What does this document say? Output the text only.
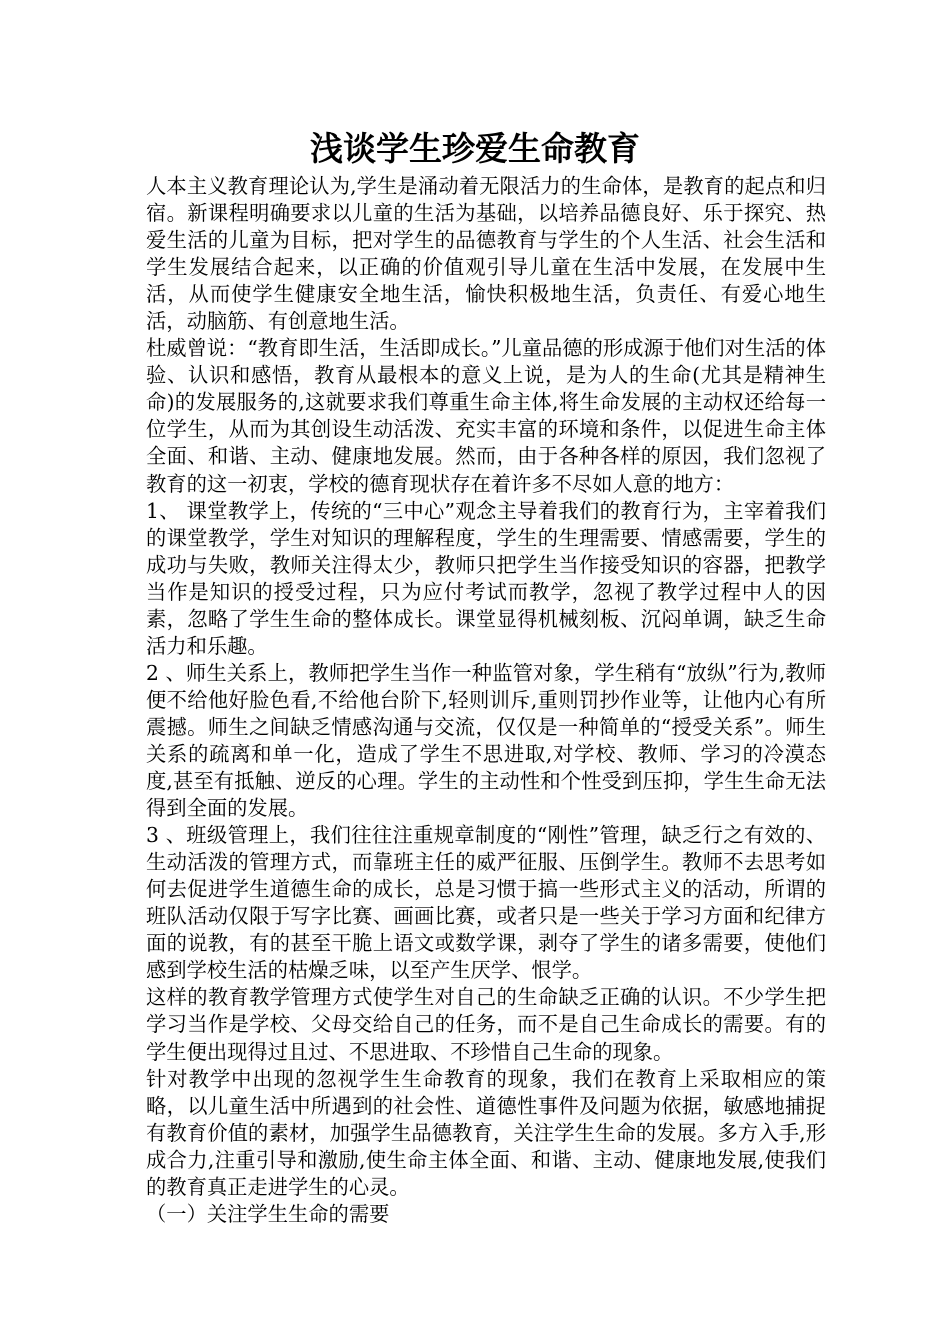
浅谈学生珍爱生命教育

人本主义教育理论认为,学生是涌动着无限活力的生命体，是教育的起点和归宿。新课程明确要求以儿童的生活为基础，以培养品德良好、乐于探究、热爱生活的儿童为目标，把对学生的品德教育与学生的个人生活、社会生活和学生发展结合起来，以正确的价值观引导儿童在生活中发展，在发展中生活，从而使学生健康安全地生活，愉快积极地生活，负责任、有爱心地生活，动脑筋、有创意地生活。

杜威曾说：“教育即生活，生活即成长。”儿童品德的形成源于他们对生活的体验、认识和感悟，教育从最根本的意义上说，是为人的生命(尤其是精神生命)的发展服务的,这就要求我们尊重生命主体,将生命发展的主动权还给每一位学生，从而为其创设生动活泼、充实丰富的环境和条件，以促进生命主体全面、和谐、主动、健康地发展。然而，由于各种各样的原因，我们忽视了教育的这一初衷，学校的德育现状存在着许多不尽如人意的地方：

1、 课堂教学上，传统的“三中心”观念主导着我们的教育行为，主宰着我们的课堂教学，学生对知识的理解程度，学生的生理需要、情感需要，学生的成功与失败，教师关注得太少，教师只把学生当作接受知识的容器，把教学当作是知识的授受过程，只为应付考试而教学，忽视了教学过程中人的因素，忽略了学生生命的整体成长。课堂显得机械刻板、沉闷单调，缺乏生命活力和乐趣。

2 、师生关系上，教师把学生当作一种监管对象，学生稍有“放纵”行为,教师便不给他好脸色看,不给他台阶下,轻则训斥,重则罚抄作业等，让他内心有所震撼。师生之间缺乏情感沟通与交流，仅仅是一种简单的“授受关系”。师生关系的疏离和单一化，造成了学生不思进取,对学校、教师、学习的冷漠态度,甚至有抵触、逆反的心理。学生的主动性和个性受到压抑，学生生命无法得到全面的发展。

3 、班级管理上，我们往往注重规章制度的“刚性”管理，缺乏行之有效的、生动活泼的管理方式，而靠班主任的威严征服、压倒学生。教师不去思考如何去促进学生道德生命的成长，总是习惯于搞一些形式主义的活动，所谓的班队活动仅限于写字比赛、画画比赛，或者只是一些关于学习方面和纪律方面的说教，有的甚至干脆上语文或数学课，剥夺了学生的诸多需要，使他们感到学校生活的枯燥乏味，以至产生厌学、恨学。

这样的教育教学管理方式使学生对自己的生命缺乏正确的认识。不少学生把学习当作是学校、父母交给自己的任务，而不是自己生命成长的需要。有的学生便出现得过且过、不思进取、不珍惜自己生命的现象。

针对教学中出现的忽视学生生命教育的现象，我们在教育上采取相应的策略，以儿童生活中所遇到的社会性、道德性事件及问题为依据，敏感地捕捉有教育价值的素材，加强学生品德教育，关注学生生命的发展。多方入手,形成合力,注重引导和激励,使生命主体全面、和谐、主动、健康地发展,使我们的教育真正走进学生的心灵。

（一）关注学生生命的需要
